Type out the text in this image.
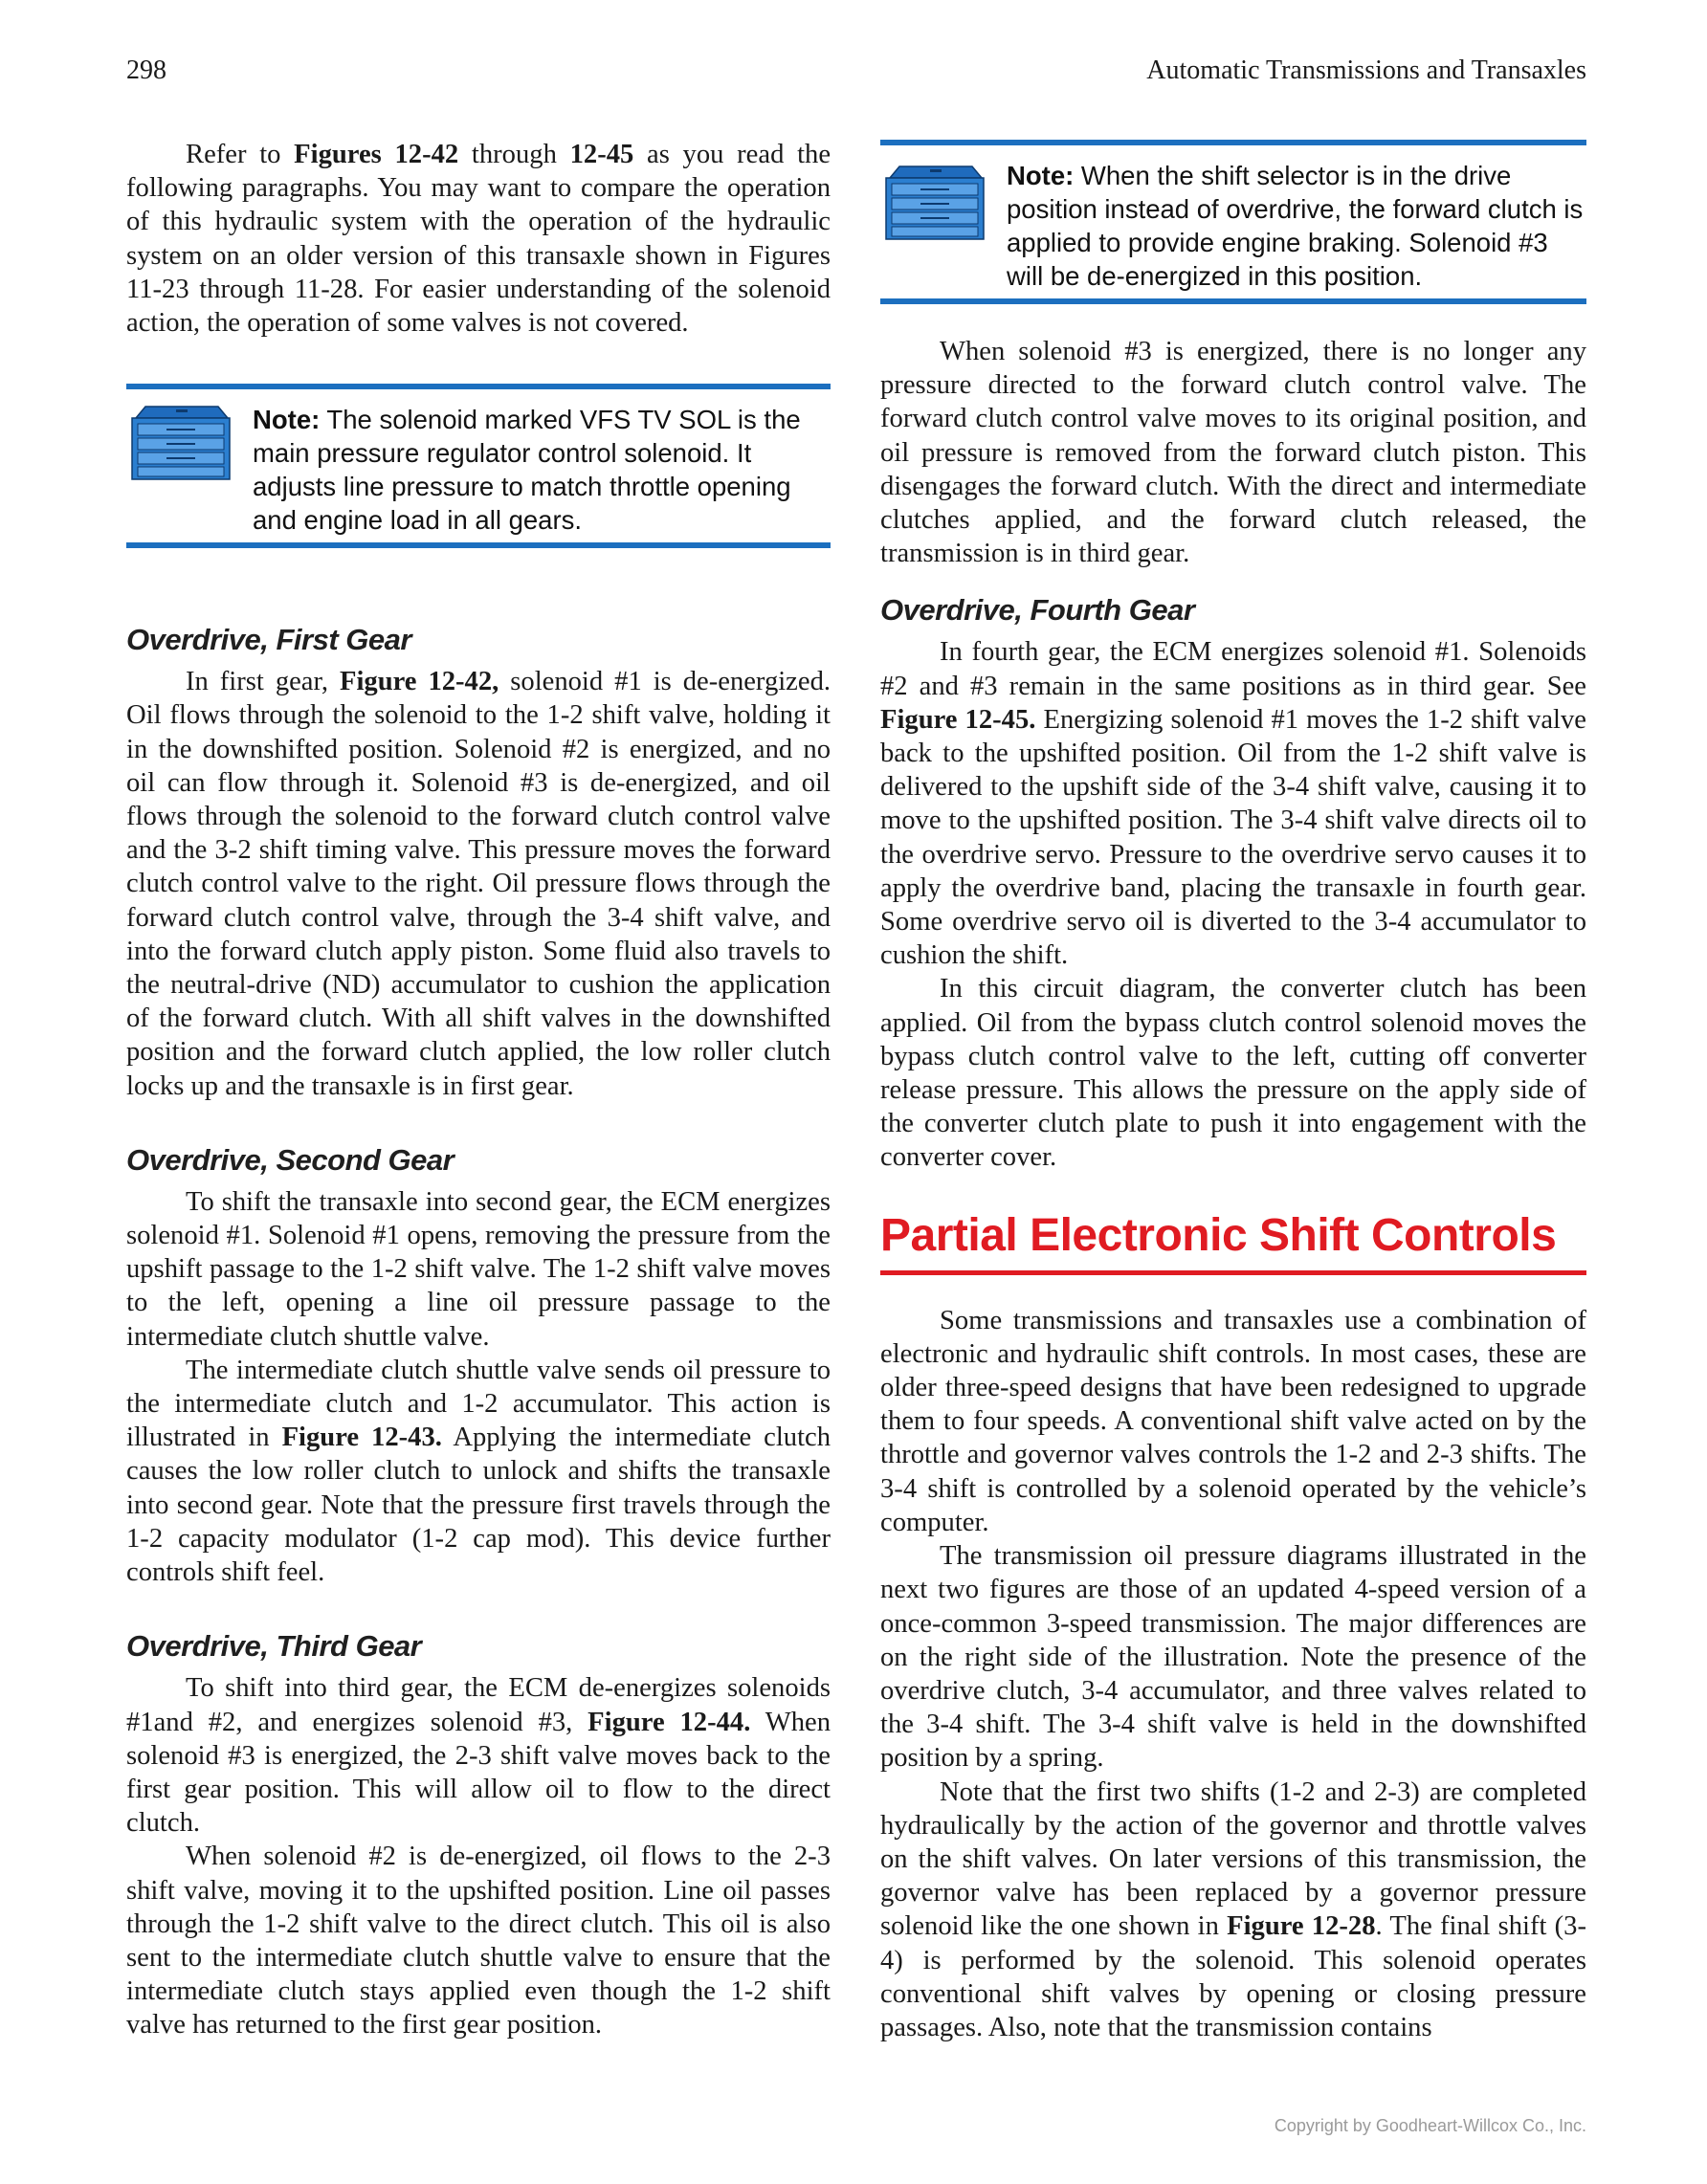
298	Automatic Transmissions and Transaxles

Refer to Figures 12-42 through 12-45 as you read the following paragraphs. You may want to compare the operation of this hydraulic system with the operation of the hydraulic system on an older version of this transaxle shown in Figures 11-23 through 11-28. For easier understanding of the solenoid action, the operation of some valves is not covered.

Note: The solenoid marked VFS TV SOL is the main pressure regulator control solenoid. It adjusts line pressure to match throttle opening and engine load in all gears.
Overdrive, First Gear

In first gear, Figure 12-42, solenoid #1 is de-energized. Oil flows through the solenoid to the 1-2 shift valve, holding it in the downshifted position. Solenoid #2 is energized, and no oil can flow through it. Solenoid #3 is de-energized, and oil flows through the solenoid to the forward clutch control valve and the 3-2 shift timing valve. This pressure moves the forward clutch control valve to the right. Oil pressure flows through the forward clutch control valve, through the 3-4 shift valve, and into the forward clutch apply piston. Some fluid also travels to the neutral-drive (ND) accumulator to cushion the application of the forward clutch. With all shift valves in the downshifted position and the forward clutch applied, the low roller clutch locks up and the transaxle is in first gear.

Overdrive, Second Gear

To shift the transaxle into second gear, the ECM energizes solenoid #1. Solenoid #1 opens, removing the pressure from the upshift passage to the 1-2 shift valve. The 1-2 shift valve moves to the left, opening a line oil pressure passage to the intermediate clutch shuttle valve.

The intermediate clutch shuttle valve sends oil pressure to the intermediate clutch and 1-2 accumulator. This action is illustrated in Figure 12-43. Applying the intermediate clutch causes the low roller clutch to unlock and shifts the transaxle into second gear. Note that the pressure first travels through the 1-2 capacity modulator (1-2 cap mod). This device further controls shift feel.

Overdrive, Third Gear

To shift into third gear, the ECM de-energizes solenoids #1and #2, and energizes solenoid #3, Figure 12-44. When solenoid #3 is energized, the 2-3 shift valve moves back to the first gear position. This will allow oil to flow to the direct clutch.

When solenoid #2 is de-energized, oil flows to the 2-3 shift valve, moving it to the upshifted position. Line oil passes through the 1-2 shift valve to the direct clutch. This oil is also sent to the intermediate clutch shuttle valve to ensure that the intermediate clutch stays applied even though the 1-2 shift valve has returned to the first gear position.

Note: When the shift selector is in the drive position instead of overdrive, the forward clutch is applied to provide engine braking. Solenoid #3 will be de-energized in this position.

When solenoid #3 is energized, there is no longer any pressure directed to the forward clutch control valve. The forward clutch control valve moves to its original position, and oil pressure is removed from the forward clutch piston. This disengages the forward clutch. With the direct and intermediate clutches applied, and the forward clutch released, the transmission is in third gear.

Overdrive, Fourth Gear

In fourth gear, the ECM energizes solenoid #1. Solenoids #2 and #3 remain in the same positions as in third gear. See Figure 12-45. Energizing solenoid #1 moves the 1-2 shift valve back to the upshifted position. Oil from the 1-2 shift valve is delivered to the upshift side of the 3-4 shift valve, causing it to move to the upshifted position. The 3-4 shift valve directs oil to the overdrive servo. Pressure to the overdrive servo causes it to apply the overdrive band, placing the transaxle in fourth gear. Some overdrive servo oil is diverted to the 3-4 accumulator to cushion the shift.

In this circuit diagram, the converter clutch has been applied. Oil from the bypass clutch control solenoid moves the bypass clutch control valve to the left, cutting off converter release pressure. This allows the pressure on the apply side of the converter clutch plate to push it into engagement with the converter cover.

Partial Electronic Shift Controls

Some transmissions and transaxles use a combination of electronic and hydraulic shift controls. In most cases, these are older three-speed designs that have been redesigned to upgrade them to four speeds. A conventional shift valve acted on by the throttle and governor valves controls the 1-2 and 2-3 shifts. The 3-4 shift is controlled by a solenoid operated by the vehicle’s computer.

The transmission oil pressure diagrams illustrated in the next two figures are those of an updated 4-speed version of a once-common 3-speed transmission. The major differences are on the right side of the illustration. Note the presence of the overdrive clutch, 3-4 accumulator, and three valves related to the 3-4 shift. The 3-4 shift valve is held in the downshifted position by a spring.

Note that the first two shifts (1-2 and 2-3) are completed hydraulically by the action of the governor and throttle valves on the shift valves. On later versions of this transmission, the governor valve has been replaced by a governor pressure solenoid like the one shown in Figure 12-28. The final shift (3-4) is performed by the solenoid. This solenoid operates conventional shift valves by opening or closing pressure passages. Also, note that the transmission contains

Copyright by Goodheart-Willcox Co., Inc.
